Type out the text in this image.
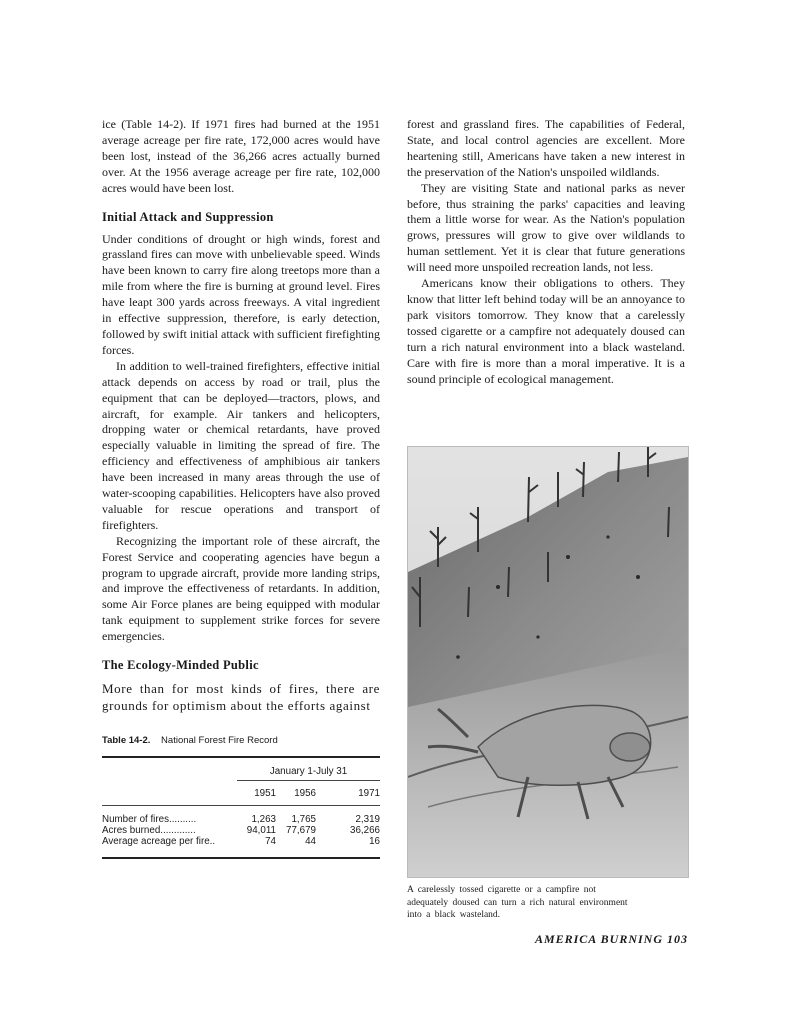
ice (Table 14-2). If 1971 fires had burned at the 1951 average acreage per fire rate, 172,000 acres would have been lost, instead of the 36,266 acres actually burned over. At the 1956 average acreage per fire rate, 102,000 acres would have been lost.

Initial Attack and Suppression

Under conditions of drought or high winds, forest and grassland fires can move with unbelievable speed. Winds have been known to carry fire along treetops more than a mile from where the fire is burning at ground level. Fires have leapt 300 yards across freeways. A vital ingredient in effective suppression, therefore, is early detection, followed by swift initial attack with sufficient firefighting forces.

In addition to well-trained firefighters, effective initial attack depends on access by road or trail, plus the equipment that can be deployed—tractors, plows, and aircraft, for example. Air tankers and helicopters, dropping water or chemical retardants, have proved especially valuable in limiting the spread of fire. The efficiency and effectiveness of amphibious air tankers have been increased in many areas through the use of water-scooping capabilities. Helicopters have also proved valuable for rescue operations and transport of firefighters.

Recognizing the important role of these aircraft, the Forest Service and cooperating agencies have begun a program to upgrade aircraft, provide more landing strips, and improve the effectiveness of retardants. In addition, some Air Force planes are being equipped with modular tank equipment to supplement strike forces for severe emergencies.

The Ecology-Minded Public

More than for most kinds of fires, there are grounds for optimism about the efforts against

Table 14-2. National Forest Fire Record
	January 1-July 31		
	1951	1956	1971

Number of fires..........	1,263	1,765	2,319
Acres burned.............	94,011	77,679	36,266
Average acreage per fire..	74	44	16

forest and grassland fires. The capabilities of Federal, State, and local control agencies are excellent. More heartening still, Americans have taken a new interest in the preservation of the Nation's unspoiled wildlands.

They are visiting State and national parks as never before, thus straining the parks' capacities and leaving them a little worse for wear. As the Nation's population grows, pressures will grow to give over wildlands to human settlement. Yet it is clear that future generations will need more unspoiled recreation lands, not less.

Americans know their obligations to others. They know that litter left behind today will be an annoyance to park visitors tomorrow. They know that a carelessly tossed cigarette or a campfire not adequately doused can turn a rich natural environment into a black wasteland. Care with fire is more than a moral imperative. It is a sound principle of ecological management.

A carelessly tossed cigarette or a campfire not adequately doused can turn a rich natural environment into a black wasteland.

AMERICA BURNING 103
